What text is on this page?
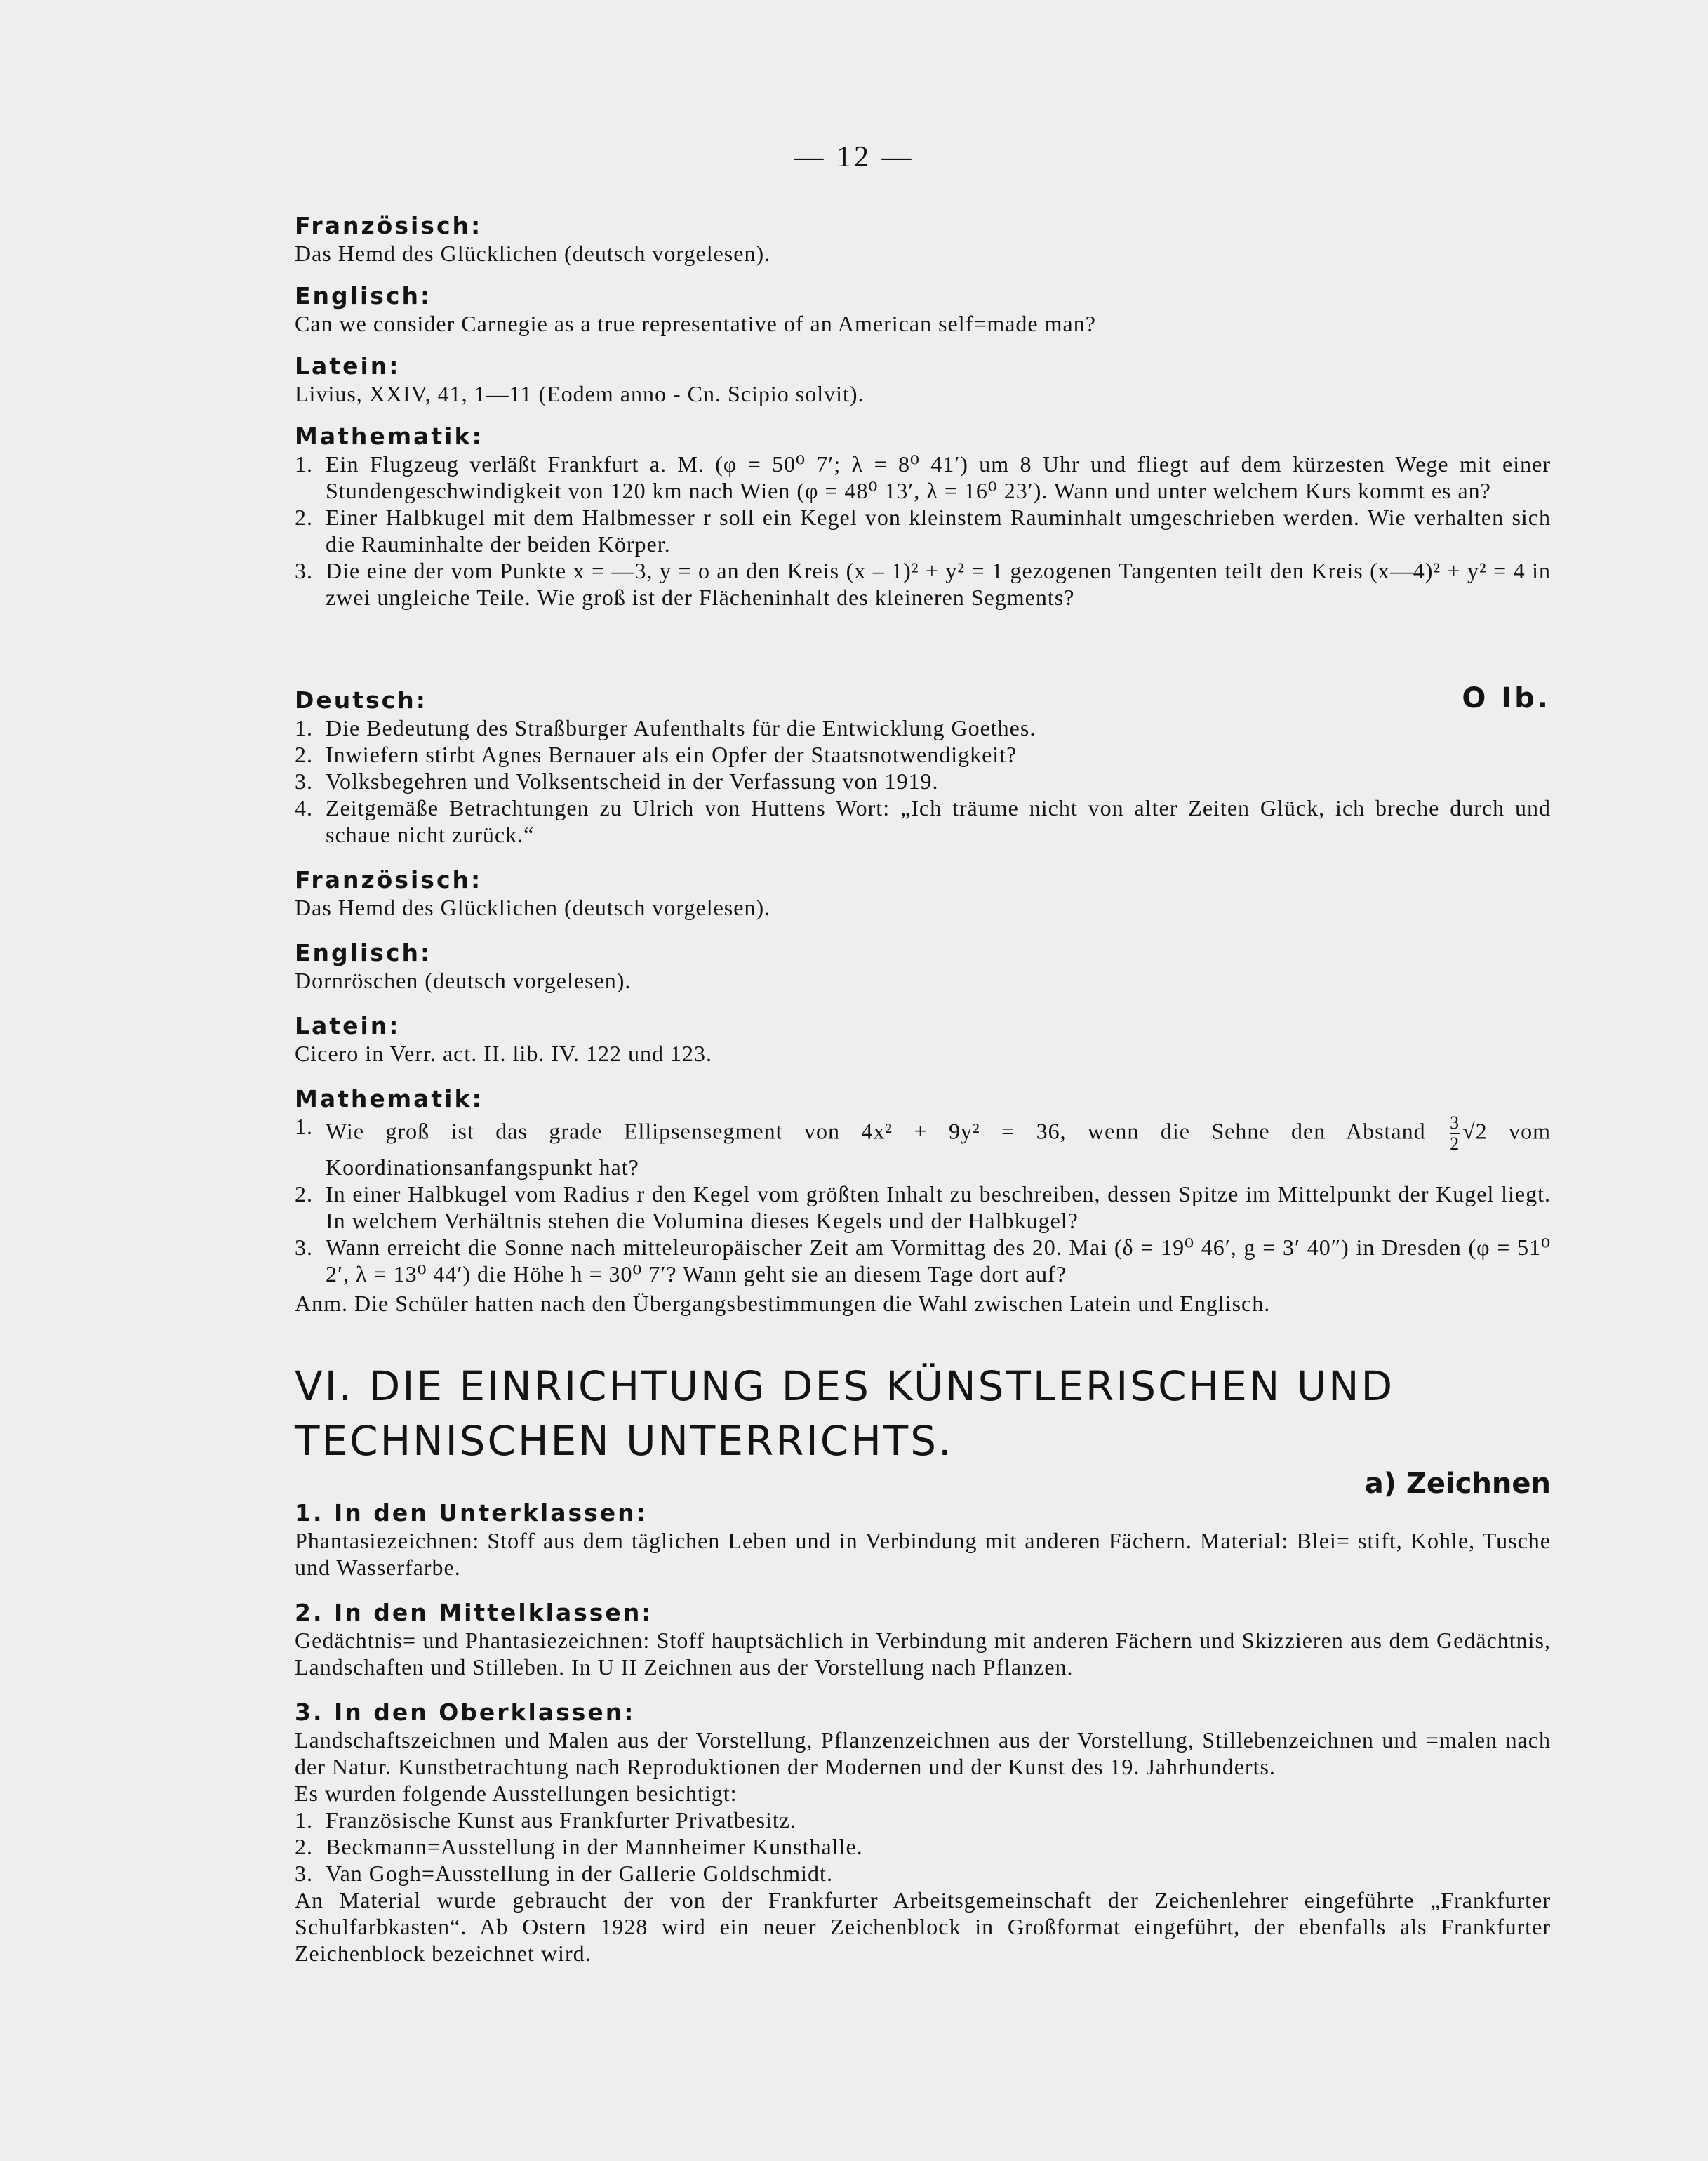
— 12 —

Französisch:

Das Hemd des Glücklichen (deutsch vorgelesen).

Englisch:

Can we consider Carnegie as a true representative of an American self=made man?

Latein:

Livius, XXIV, 41, 1—11 (Eodem anno - Cn. Scipio solvit).

Mathematik:

1. Ein Flugzeug verläßt Frankfurt a. M. (φ = 50⁰ 7′; λ = 8⁰ 41′) um 8 Uhr und fliegt auf dem kürzesten Wege mit einer Stundengeschwindigkeit von 120 km nach Wien (φ = 48⁰ 13′, λ = 16⁰ 23′). Wann und unter welchem Kurs kommt es an?
2. Einer Halbkugel mit dem Halbmesser r soll ein Kegel von kleinstem Rauminhalt umgeschrieben werden. Wie verhalten sich die Rauminhalte der beiden Körper.
3. Die eine der vom Punkte x = —3, y = o an den Kreis (x – 1)² + y² = 1 gezogenen Tangenten teilt den Kreis (x—4)² + y² = 4 in zwei ungleiche Teile. Wie groß ist der Flächeninhalt des kleineren Segments?

Deutsch:	O Ib.
1. Die Bedeutung des Straßburger Aufenthalts für die Entwicklung Goethes.
2. Inwiefern stirbt Agnes Bernauer als ein Opfer der Staatsnotwendigkeit?
3. Volksbegehren und Volksentscheid in der Verfassung von 1919.
4. Zeitgemäße Betrachtungen zu Ulrich von Huttens Wort: „Ich träume nicht von alter Zeiten Glück, ich breche durch und schaue nicht zurück.“

Französisch:

Das Hemd des Glücklichen (deutsch vorgelesen).

Englisch:

Dornröschen (deutsch vorgelesen).

Latein:

Cicero in Verr. act. II. lib. IV. 122 und 123.

Mathematik:

1. Wie groß ist das grade Ellipsensegment von 4x² + 9y² = 36, wenn die Sehne den Abstand $\frac{3}{2} √2$ vom Koordinationsanfangspunkt hat?
2. In einer Halbkugel vom Radius r den Kegel vom größten Inhalt zu beschreiben, dessen Spitze im Mittelpunkt der Kugel liegt. In welchem Verhältnis stehen die Volumina dieses Kegels und der Halbkugel?
3. Wann erreicht die Sonne nach mitteleuropäischer Zeit am Vormittag des 20. Mai (δ = 19⁰ 46′, g = 3′ 40″) in Dresden (φ = 51⁰ 2′, λ = 13⁰ 44′) die Höhe h = 30⁰ 7′? Wann geht sie an diesem Tage dort auf?

Anm. Die Schüler hatten nach den Übergangsbestimmungen die Wahl zwischen Latein und Englisch.

VI. DIE EINRICHTUNG DES KÜNSTLERISCHEN UND

TECHNISCHEN UNTERRICHTS.

a) Zeichnen

1. In den Unterklassen:

Phantasiezeichnen: Stoff aus dem täglichen Leben und in Verbindung mit anderen Fächern. Material: Blei= stift, Kohle, Tusche und Wasserfarbe.

2. In den Mittelklassen:

Gedächtnis= und Phantasiezeichnen: Stoff hauptsächlich in Verbindung mit anderen Fächern und Skizzieren aus dem Gedächtnis, Landschaften und Stilleben. In U II Zeichnen aus der Vorstellung nach Pflanzen.

3. In den Oberklassen:

Landschaftszeichnen und Malen aus der Vorstellung, Pflanzenzeichnen aus der Vorstellung, Stillebenzeichnen und =malen nach der Natur. Kunstbetrachtung nach Reproduktionen der Modernen und der Kunst des 19. Jahrhunderts.

Es wurden folgende Ausstellungen besichtigt:

1. Französische Kunst aus Frankfurter Privatbesitz.
2. Beckmann=Ausstellung in der Mannheimer Kunsthalle.
3. Van Gogh=Ausstellung in der Gallerie Goldschmidt.

An Material wurde gebraucht der von der Frankfurter Arbeitsgemeinschaft der Zeichenlehrer eingeführte „Frankfurter Schulfarbkasten“. Ab Ostern 1928 wird ein neuer Zeichenblock in Großformat eingeführt, der ebenfalls als Frankfurter Zeichenblock bezeichnet wird.
